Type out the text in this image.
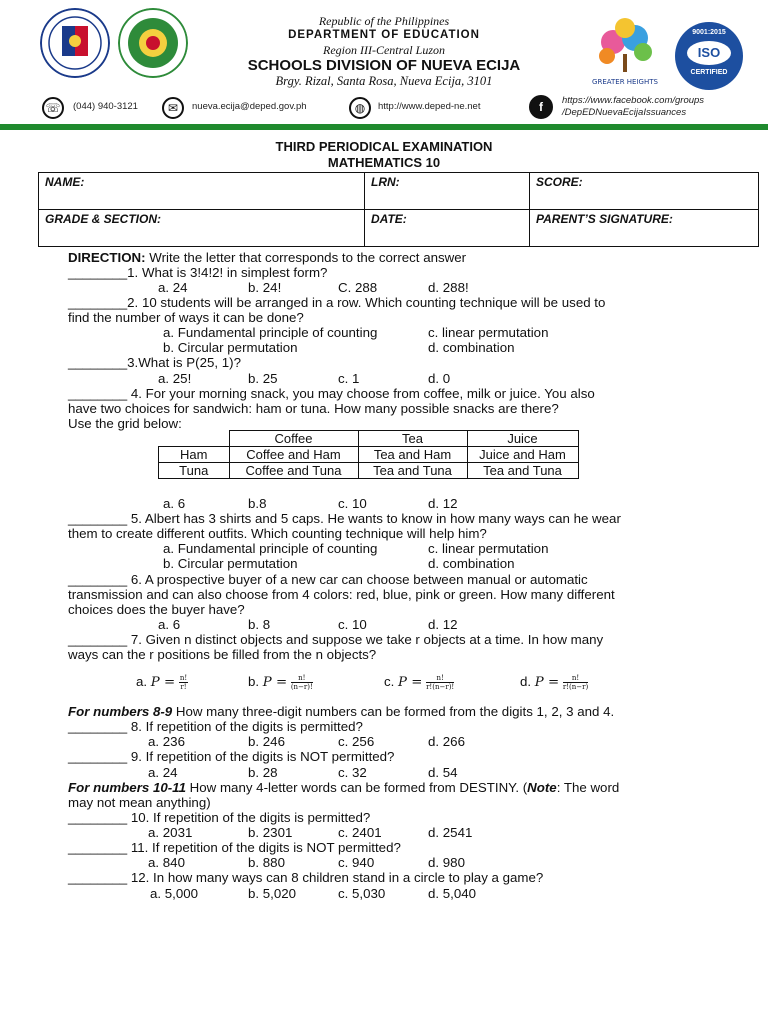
Republic of the Philippines
DEPARTMENT OF EDUCATION
Region III-Central Luzon
SCHOOLS DIVISION OF NUEVA ECIJA
Brgy. Rizal, Santa Rosa, Nueva Ecija, 3101	GREATER HEIGHTS
9001:2015
ISO
CERTIFIED
☏	(044) 940-3121	✉	nueva.ecija@deped.gov.ph	◍	http://www.deped-ne.net	f	https://www.facebook.com/groups
/DepEDNuevaEcijaIssuances
THIRD PERIODICAL EXAMINATION
MATHEMATICS 10
NAME:	LRN:	SCORE:
GRADE & SECTION:	DATE:	PARENT’S SIGNATURE:
DIRECTION: Write the letter that corresponds to the correct answer
________1. What is 3!4!2! in simplest form?
a. 24	b. 24!	C. 288	d. 288!
________2. 10 students will be arranged in a row. Which counting technique will be used to
find the number of ways it can be done?
a. Fundamental principle of counting	c. linear permutation
b. Circular permutation	d. combination
________3.What is P(25, 1)?
a. 25!	b. 25	c. 1	d. 0
________ 4. For your morning snack, you may choose from coffee, milk or juice. You also
have two choices for sandwich: ham or tuna. How many possible snacks are there?
Use the grid below:
	Coffee	Tea	Juice
Ham	Coffee and Ham	Tea and Ham	Juice and Ham
Tuna	Coffee and Tuna	Tea and Tuna	Tea and Tuna
a. 6	b.8	c. 10	d. 12
________ 5. Albert has 3 shirts and 5 caps. He wants to know in how many ways can he wear
them to create different outfits. Which counting technique will help him?
a. Fundamental principle of counting	c. linear permutation
b. Circular permutation	d. combination
________ 6. A prospective buyer of a new car can choose between manual or automatic
transmission and can also choose from 4 colors: red, blue, pink or green. How many different
choices does the buyer have?
a. 6	b. 8	c. 10	d. 12
________ 7. Given n distinct objects and suppose we take r objects at a time. In how many
ways can the r positions be filled from the n objects?
a. $P = \frac{n!}{r!}$	b. $P = \frac{n!}{(n-r)!}$	c. $P = \frac{n!}{r!(n-r)!}$	d. $P = \frac{n!}{r!(n-r)}$
For numbers 8-9 How many three-digit numbers can be formed from the digits 1, 2, 3 and 4.
________ 8. If repetition of the digits is permitted?
a. 236	b. 246	c. 256	d. 266
________ 9. If repetition of the digits is NOT permitted?
a. 24	b. 28	c. 32	d. 54
For numbers 10-11 How many 4-letter words can be formed from DESTINY. (Note: The word
may not mean anything)
________ 10. If repetition of the digits is permitted?
a. 2031	b. 2301	c. 2401	d. 2541
________ 11. If repetition of the digits is NOT permitted?
a. 840	b. 880	c. 940	d. 980
________ 12. In how many ways can 8 children stand in a circle to play a game?
a. 5,000	b. 5,020	c. 5,030	d. 5,040
